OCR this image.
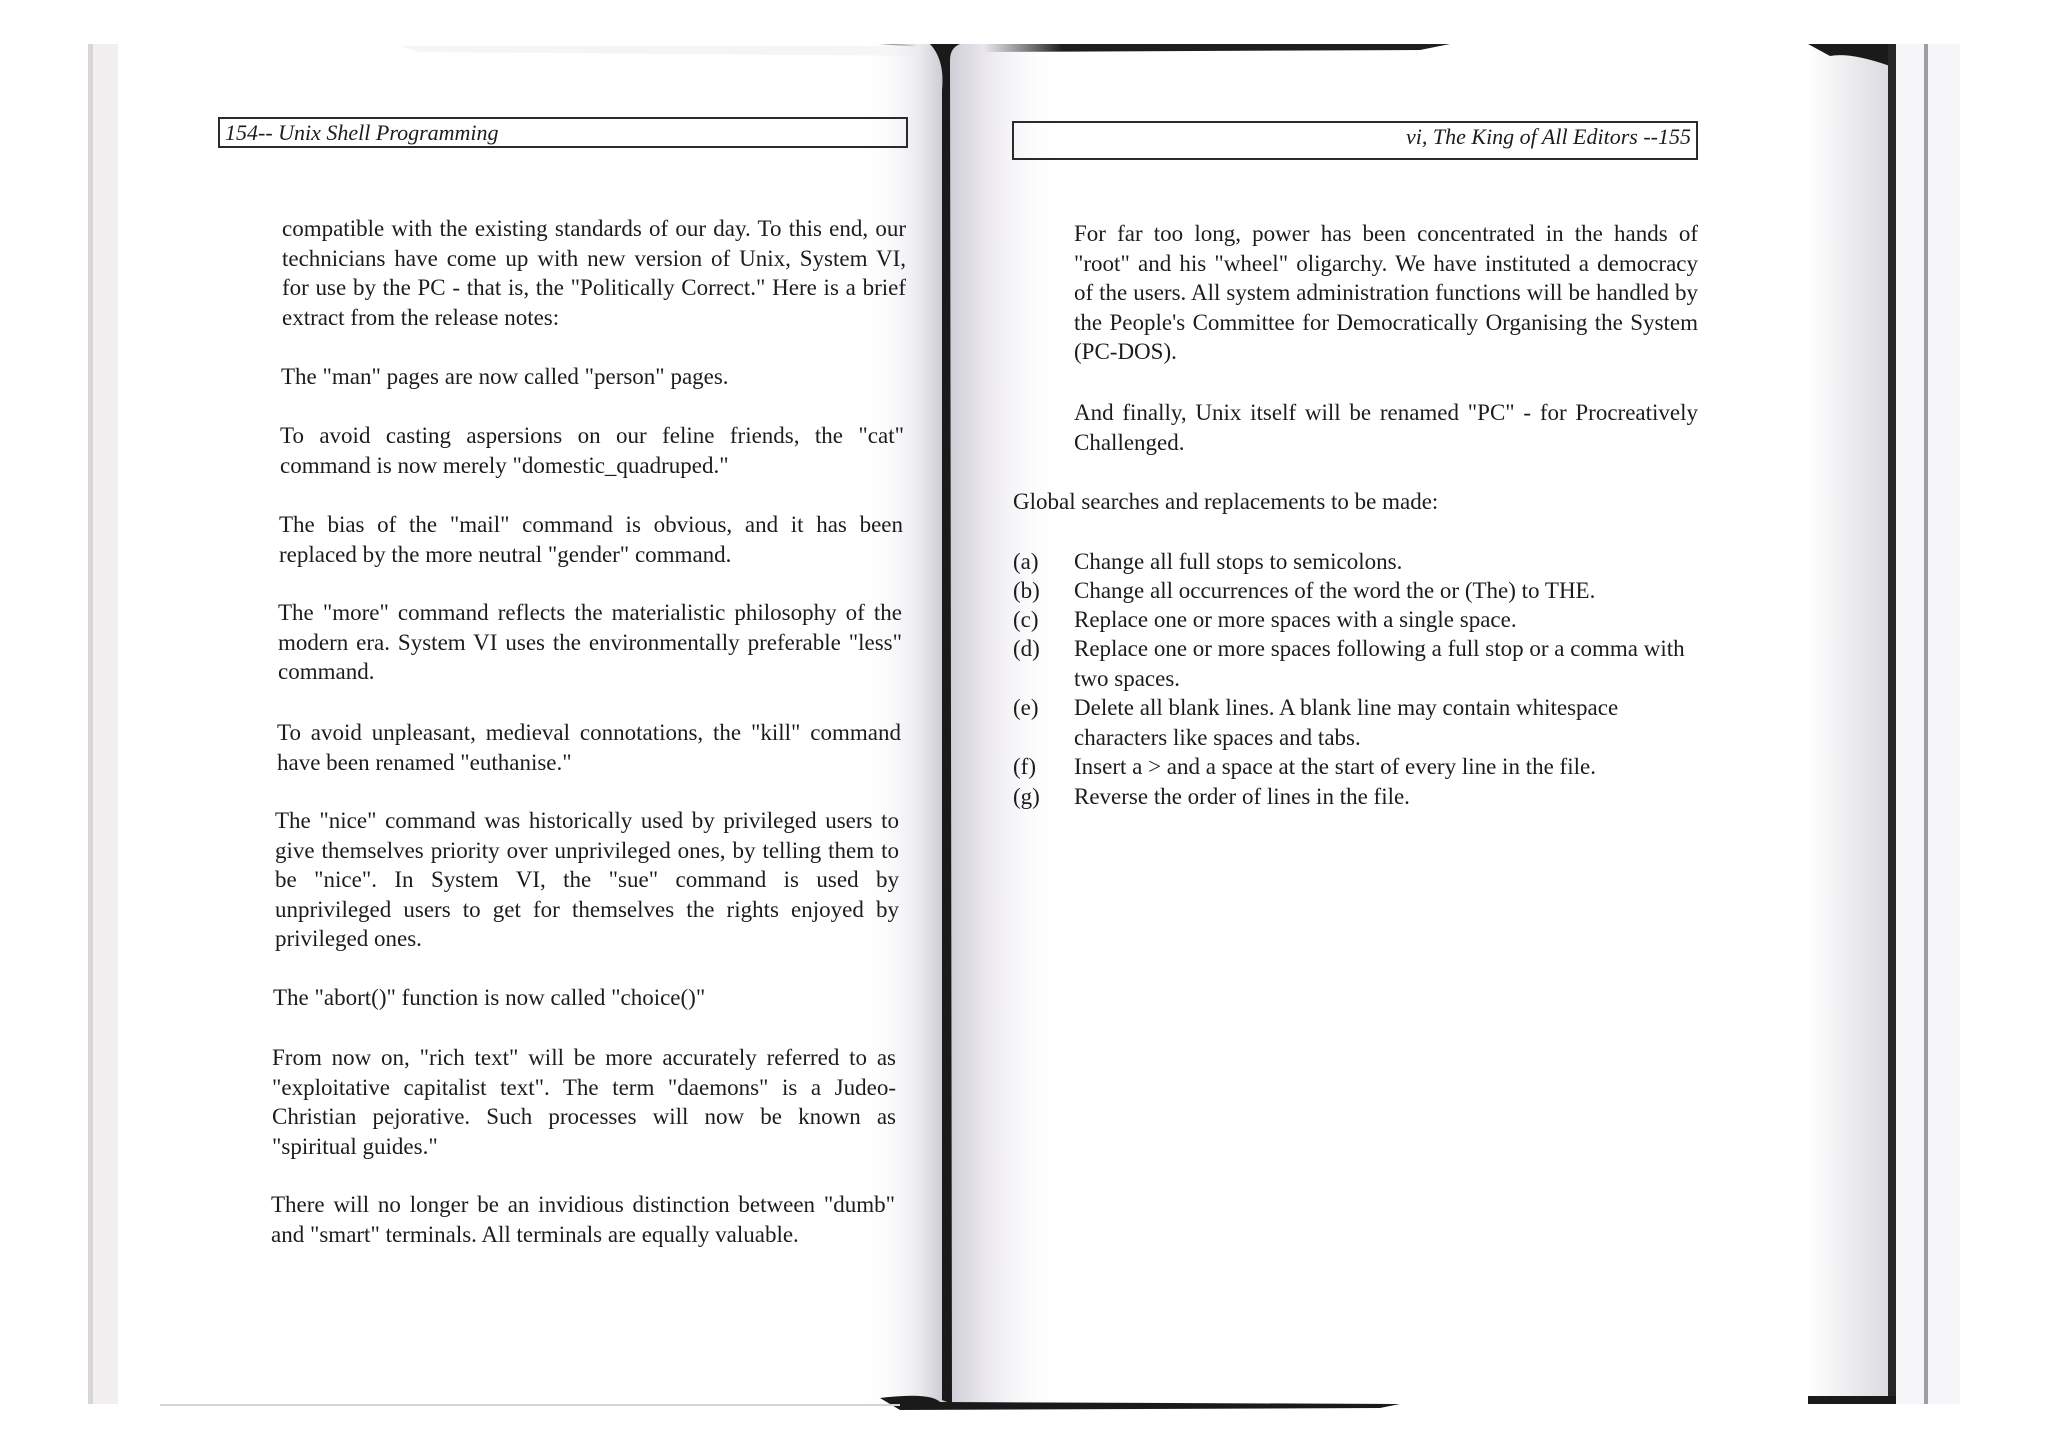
154-- Unix Shell Programming

compatible with the existing standards of our day. To this end, our technicians have come up with new version of Unix, System VI, for use by the PC - that is, the "Politically Correct." Here is a brief extract from the release notes:

The "man" pages are now called "person" pages.

To avoid casting aspersions on our feline friends, the "cat" command is now merely "domestic_quadruped."

The bias of the "mail" command is obvious, and it has been replaced by the more neutral "gender" command.

The "more" command reflects the materialistic philosophy of the modern era. System VI uses the environmentally preferable "less" command.

To avoid unpleasant, medieval connotations, the "kill" command have been renamed "euthanise."

The "nice" command was historically used by privileged users to give themselves priority over unprivileged ones, by telling them to be "nice". In System VI, the "sue" command is used by unprivileged users to get for themselves the rights enjoyed by privileged ones.

The "abort()" function is now called "choice()"

From now on, "rich text" will be more accurately referred to as "exploitative capitalist text". The term "daemons" is a Judeo-Christian pejorative. Such processes will now be known as "spiritual guides."

There will no longer be an invidious distinction between "dumb" and "smart" terminals. All terminals are equally valuable.

vi, The King of All Editors --155

For far too long, power has been concentrated in the hands of "root" and his "wheel" oligarchy. We have instituted a democracy of the users. All system administration functions will be handled by the People's Committee for Democratically Organising the System (PC-DOS).

And finally, Unix itself will be renamed "PC" - for Procreatively Challenged.

Global searches and replacements to be made:

(a)	Change all full stops to semicolons.
(b)	Change all occurrences of the word the or (The) to THE.
(c)	Replace one or more spaces with a single space.
(d)	Replace one or more spaces following a full stop or a comma with two spaces.
(e)	Delete all blank lines. A blank line may contain whitespace characters like spaces and tabs.
(f)	Insert a > and a space at the start of every line in the file.
(g)	Reverse the order of lines in the file.
